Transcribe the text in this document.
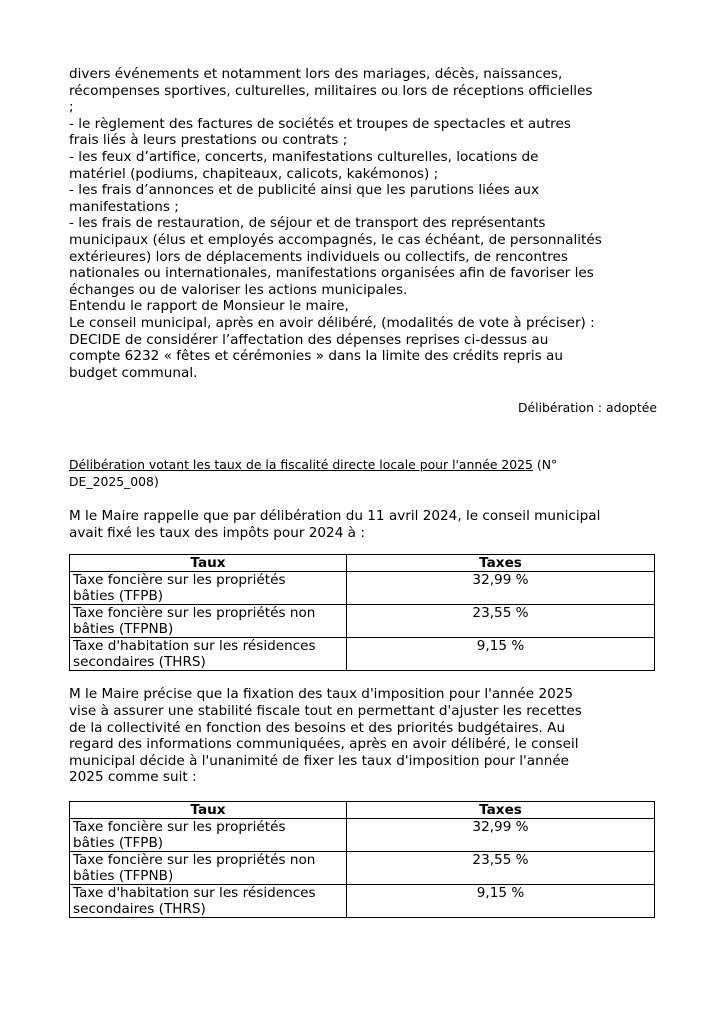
divers événements et notamment lors des mariages, décès, naissances,
récompenses sportives, culturelles, militaires ou lors de réceptions officielles
;
- le règlement des factures de sociétés et troupes de spectacles et autres
frais liés à leurs prestations ou contrats ;
- les feux d’artifice, concerts, manifestations culturelles, locations de
matériel (podiums, chapiteaux, calicots, kakémonos) ;
- les frais d’annonces et de publicité ainsi que les parutions liées aux
manifestations ;
- les frais de restauration, de séjour et de transport des représentants
municipaux (élus et employés accompagnés, le cas échéant, de personnalités
extérieures) lors de déplacements individuels ou collectifs, de rencontres
nationales ou internationales, manifestations organisées afin de favoriser les
échanges ou de valoriser les actions municipales.
Entendu le rapport de Monsieur le maire,
Le conseil municipal, après en avoir délibéré, (modalités de vote à préciser) :
DECIDE de considérer l’affectation des dépenses reprises ci-dessus au
compte 6232 « fêtes et cérémonies » dans la limite des crédits repris au
budget communal.
Délibération : adoptée
Délibération votant les taux de la fiscalité directe locale pour l'année 2025 (N°
DE_2025_008)
M le Maire rappelle que par délibération du 11 avril 2024, le conseil municipal
avait fixé les taux des impôts pour 2024 à :
Taux	Taxes
Taxe foncière sur les propriétés
bâties (TFPB)	32,99 %
Taxe foncière sur les propriétés non
bâties (TFPNB)	23,55 %
Taxe d'habitation sur les résidences
secondaires (THRS)	9,15 %
M le Maire précise que la fixation des taux d'imposition pour l'année 2025
vise à assurer une stabilité fiscale tout en permettant d'ajuster les recettes
de la collectivité en fonction des besoins et des priorités budgétaires. Au
regard des informations communiquées, après en avoir délibéré, le conseil
municipal décide à l'unanimité de fixer les taux d'imposition pour l'année
2025 comme suit :
Taux	Taxes
Taxe foncière sur les propriétés
bâties (TFPB)	32,99 %
Taxe foncière sur les propriétés non
bâties (TFPNB)	23,55 %
Taxe d'habitation sur les résidences
secondaires (THRS)	9,15 %
